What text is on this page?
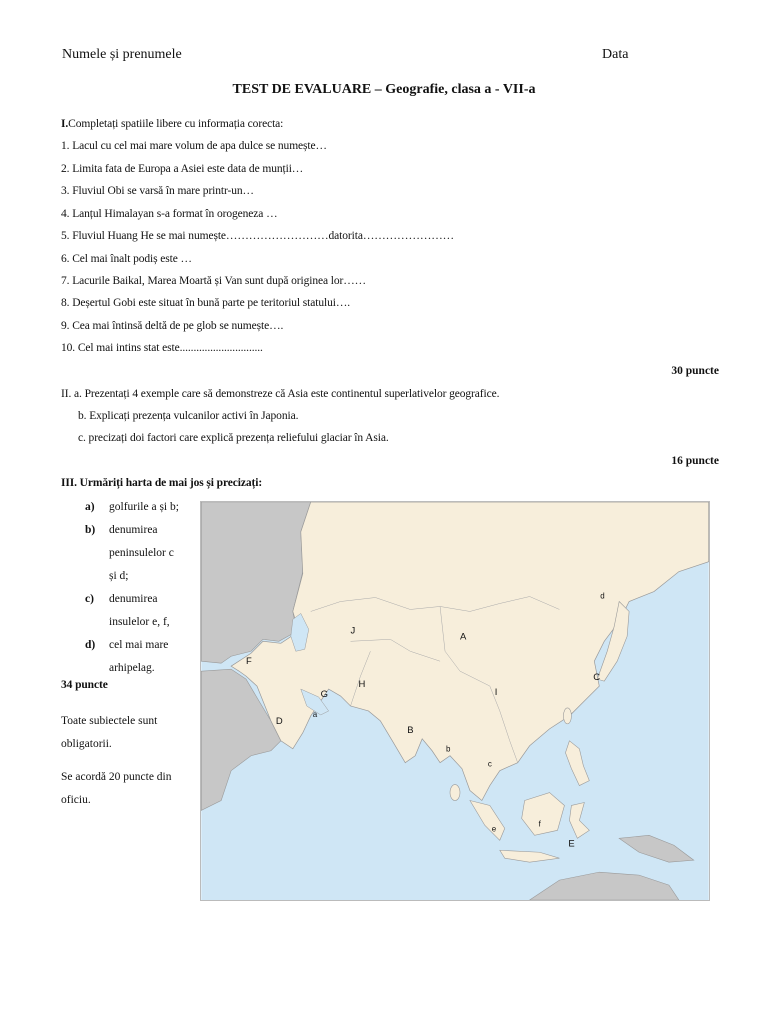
Numele și prenumele	Data
TEST DE EVALUARE – Geografie, clasa a - VII-a
I.Completați spatiile libere cu informația corecta:
1. Lacul cu cel mai mare volum de apa dulce se numește…
2. Limita fata de Europa a Asiei este data de munții…
3. Fluviul Obi se varsă în mare printr-un…
4. Lanțul Himalayan s-a format în orogeneza …
5. Fluviul Huang He se mai numește………………………datorita……………………
6. Cel mai înalt podiș este …
7. Lacurile Baikal, Marea Moartă și Van sunt după originea lor……
8. Deșertul Gobi este situat în bună parte pe teritoriul statului….
9. Cea mai întinsă deltă de pe glob se numește….
10. Cel mai intins stat este..............................
30 puncte
II. a. Prezentați 4 exemple care să demonstreze că Asia este continentul superlativelor geografice.
b. Explicați prezența vulcanilor activi în Japonia.
c. precizați doi factori care explică prezența reliefului glaciar în Asia.
16 puncte
III. Urmăriți harta de mai jos și precizați:
a)
b)
c)
d)
golfurile a și b;
denumirea
peninsulelor c
și d;
denumirea
insulelor e, f,
cel mai mare
arhipelag.
34 puncte
Toate subiectele sunt
obligatorii.
Se acordă 20 puncte din
oficiu.
J
A
F
H
G	I
C
D
a
B
b
c
d
e
f
E
